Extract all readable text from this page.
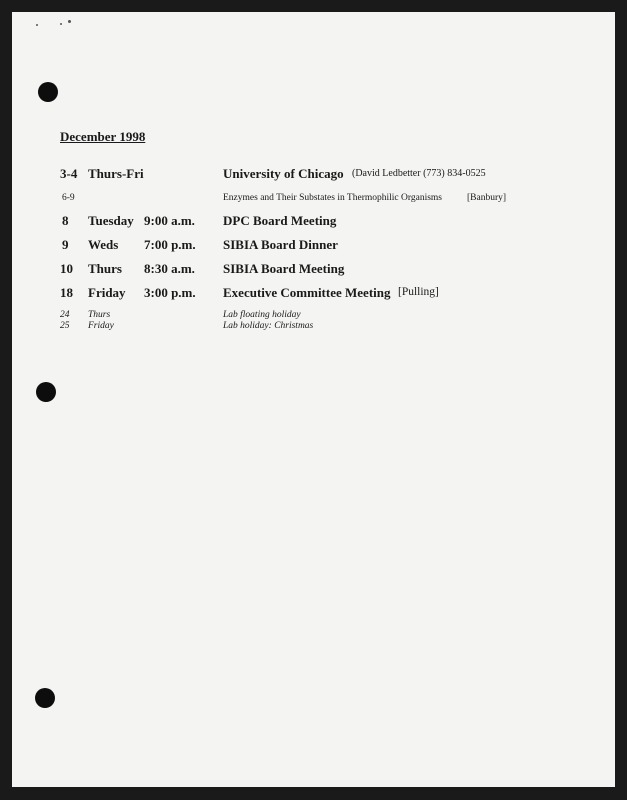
December 1998
3-4 Thurs-Fri	University of Chicago (David Ledbetter (773) 834-0525
6-9	Enzymes and Their Substates in Thermophilic Organisms	[Banbury]
8 Tuesday 9:00 a.m. DPC Board Meeting
9 Weds 7:00 p.m. SIBIA Board Dinner
10 Thurs 8:30 a.m. SIBIA Board Meeting
18 Friday 3:00 p.m. Executive Committee Meeting [Pulling]
24 Thurs	Lab floating holiday
25 Friday	Lab holiday: Christmas
